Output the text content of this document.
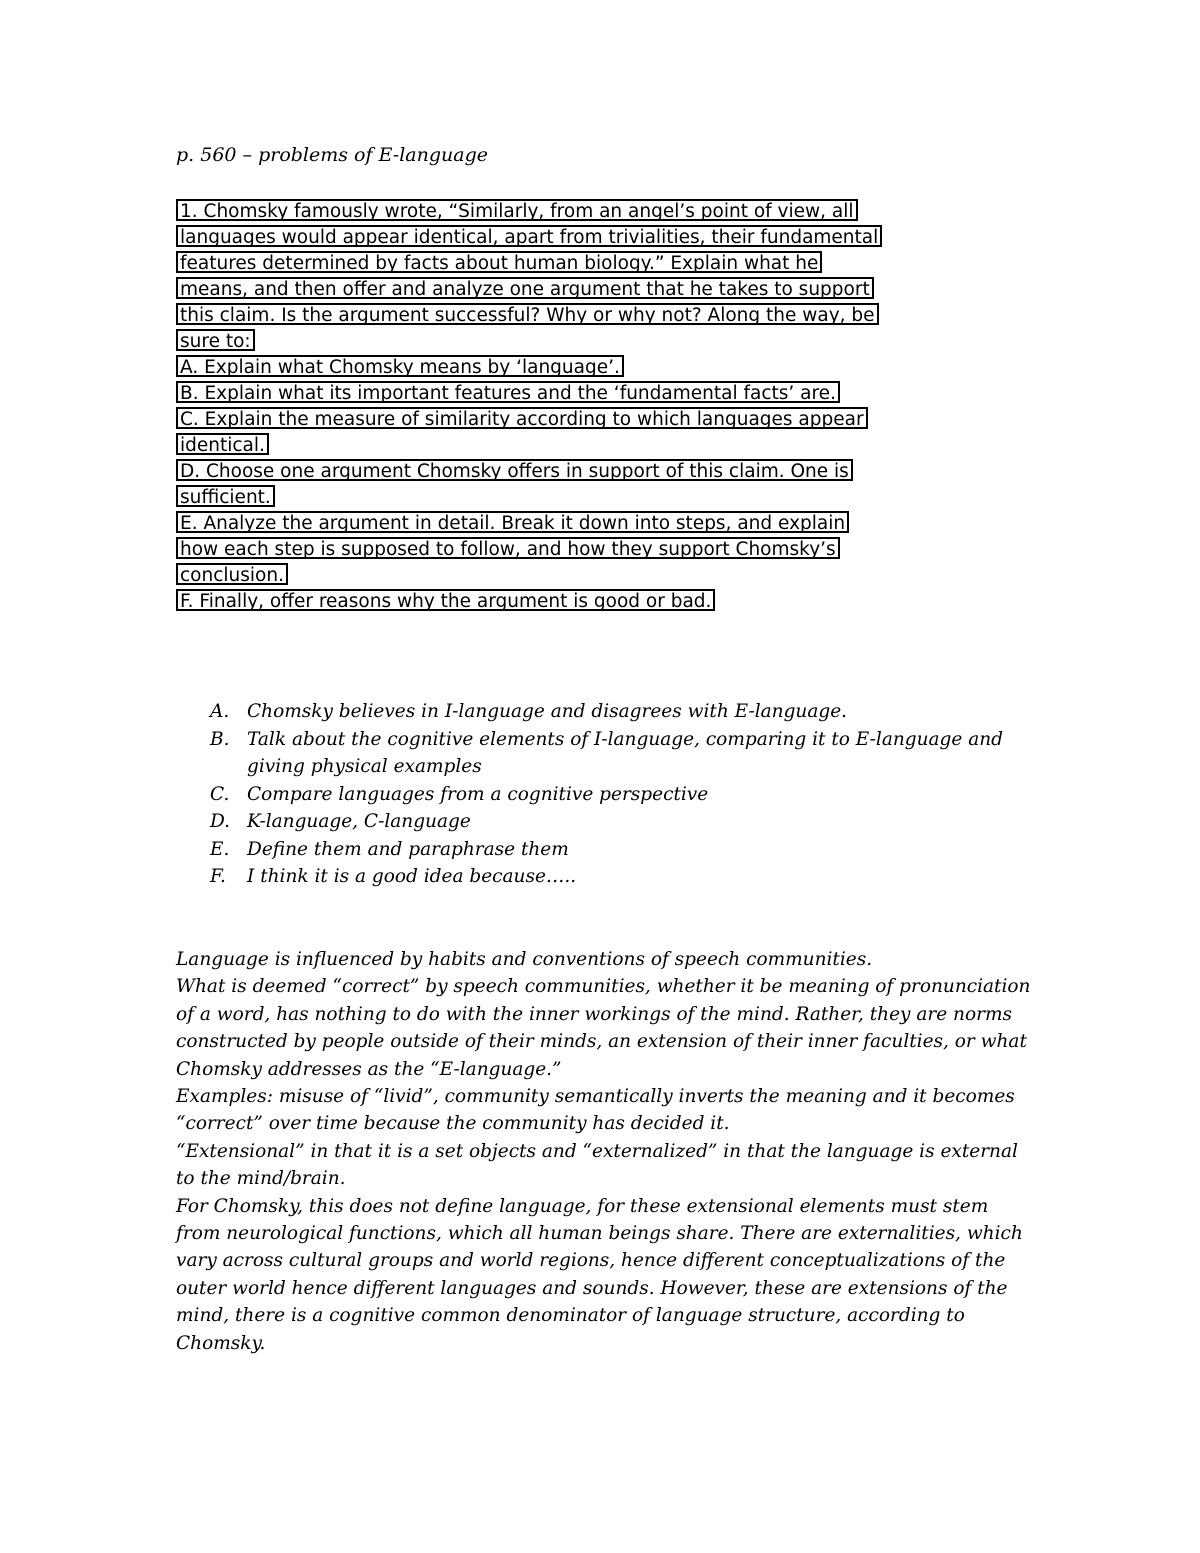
p. 560 – problems of E-language
1. Chomsky famously wrote, “Similarly, from an angel’s point of view, all
languages would appear identical, apart from trivialities, their fundamental
features determined by facts about human biology.” Explain what he
means, and then offer and analyze one argument that he takes to support
this claim. Is the argument successful? Why or why not? Along the way, be
sure to:
A. Explain what Chomsky means by ‘language’.
B. Explain what its important features and the ‘fundamental facts’ are.
C. Explain the measure of similarity according to which languages appear
identical.
D. Choose one argument Chomsky offers in support of this claim. One is
sufficient.
E. Analyze the argument in detail. Break it down into steps, and explain
how each step is supposed to follow, and how they support Chomsky’s
conclusion.
F. Finally, offer reasons why the argument is good or bad.
A. Chomsky believes in I-language and disagrees with E-language.
B. Talk about the cognitive elements of I-language, comparing it to E-language and giving physical examples
C. Compare languages from a cognitive perspective
D. K-language, C-language
E. Define them and paraphrase them
F. I think it is a good idea because…..
Language is influenced by habits and conventions of speech communities.
What is deemed “correct” by speech communities, whether it be meaning of pronunciation of a word, has nothing to do with the inner workings of the mind. Rather, they are norms constructed by people outside of their minds, an extension of their inner faculties, or what Chomsky addresses as the “E-language.”
Examples: misuse of “livid”, community semantically inverts the meaning and it becomes “correct” over time because the community has decided it.
“Extensional” in that it is a set objects and “externalized” in that the language is external to the mind/brain.
For Chomsky, this does not define language, for these extensional elements must stem from neurological functions, which all human beings share. There are externalities, which vary across cultural groups and world regions, hence different conceptualizations of the outer world hence different languages and sounds. However, these are extensions of the mind, there is a cognitive common denominator of language structure, according to Chomsky.
